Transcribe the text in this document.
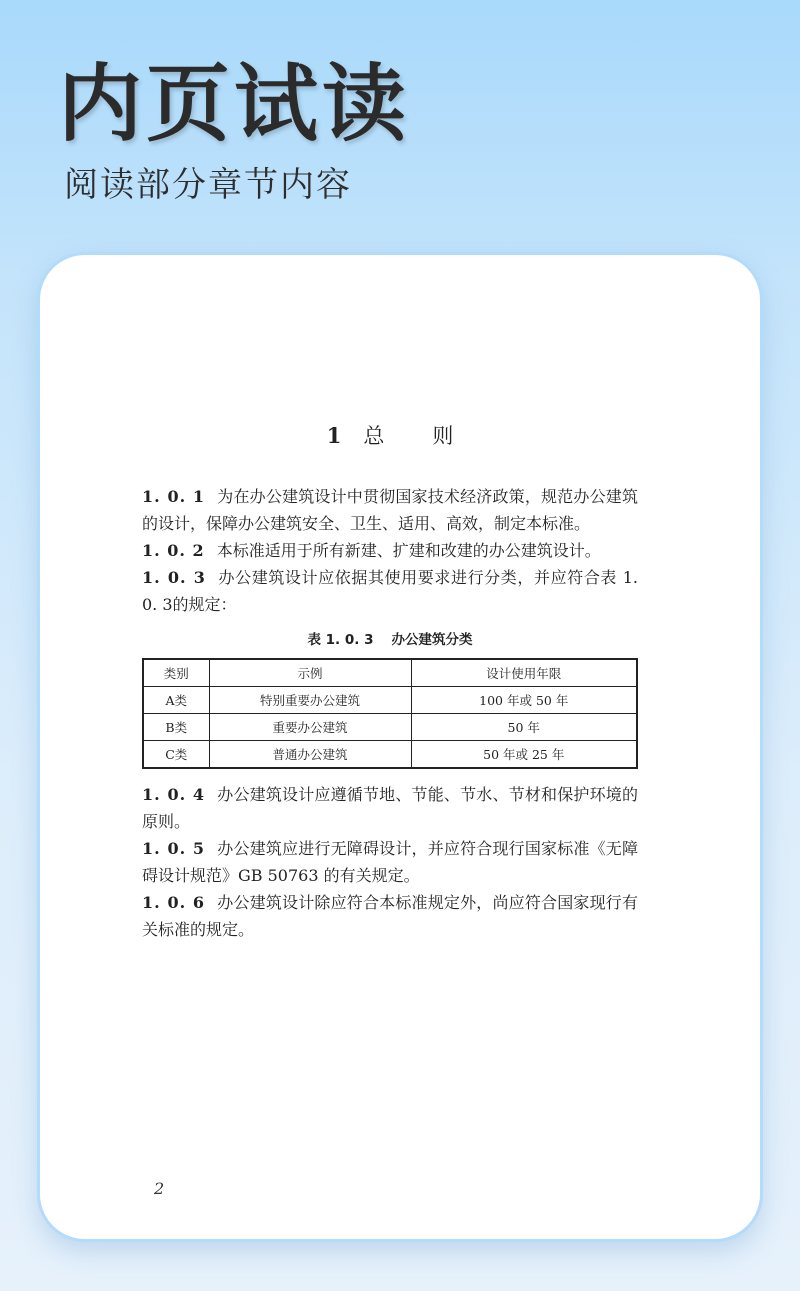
内页试读
阅读部分章节内容
1 总 则

1. 0. 1 为在办公建筑设计中贯彻国家技术经济政策，规范办公建筑的设计，保障办公建筑安全、卫生、适用、高效，制定本标准。

1. 0. 2 本标准适用于所有新建、扩建和改建的办公建筑设计。

1. 0. 3 办公建筑设计应依据其使用要求进行分类，并应符合表 1. 0. 3的规定：

表 1. 0. 3 办公建筑分类
类别	示例	设计使用年限
A类	特别重要办公建筑	100 年或 50 年
B类	重要办公建筑	50 年
C类	普通办公建筑	50 年或 25 年

1. 0. 4 办公建筑设计应遵循节地、节能、节水、节材和保护环境的原则。

1. 0. 5 办公建筑应进行无障碍设计，并应符合现行国家标准《无障碍设计规范》GB 50763 的有关规定。

1. 0. 6 办公建筑设计除应符合本标准规定外，尚应符合国家现行有关标准的规定。

2
